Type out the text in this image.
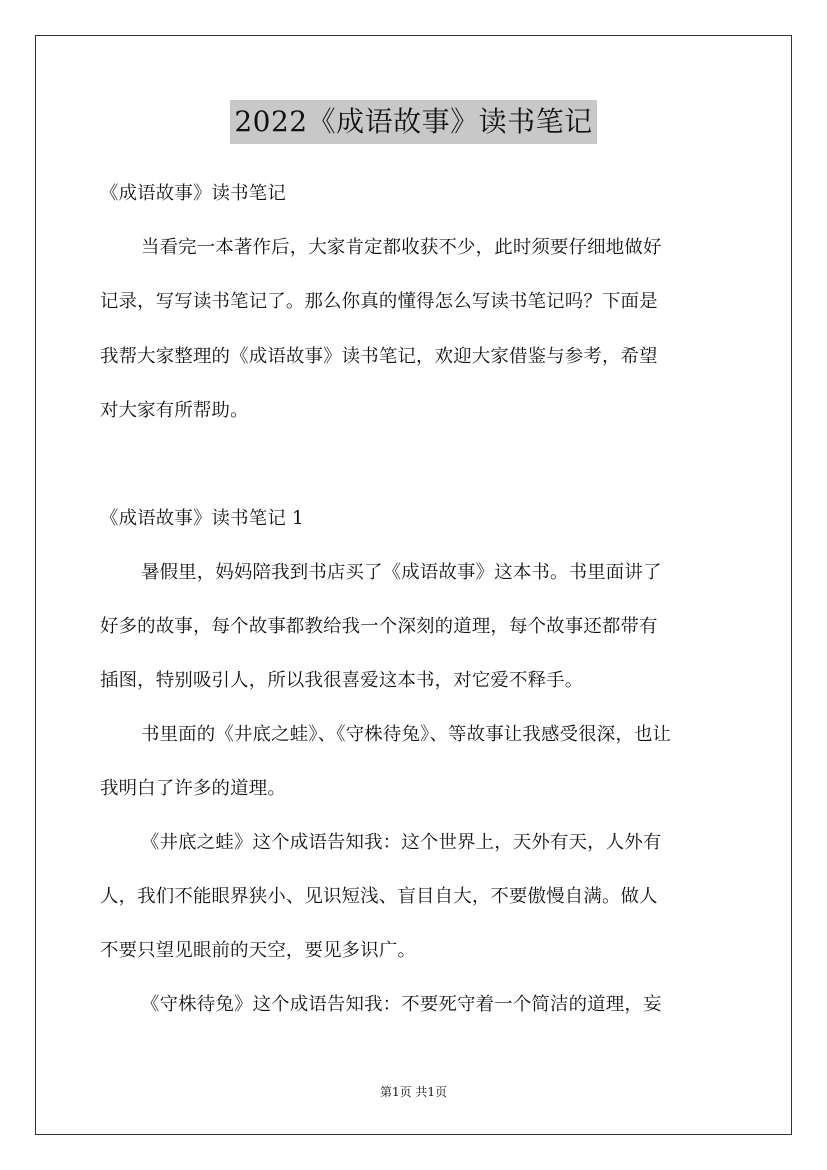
2022《成语故事》读书笔记
《成语故事》读书笔记
当看完一本著作后，大家肯定都收获不少，此时须要仔细地做好
记录，写写读书笔记了。那么你真的懂得怎么写读书笔记吗？下面是
我帮大家整理的《成语故事》读书笔记，欢迎大家借鉴与参考，希望
对大家有所帮助。
《成语故事》读书笔记 1
暑假里，妈妈陪我到书店买了《成语故事》这本书。书里面讲了
好多的故事，每个故事都教给我一个深刻的道理，每个故事还都带有
插图，特别吸引人，所以我很喜爱这本书，对它爱不释手。
书里面的《井底之蛙》、《守株待兔》、等故事让我感受很深，也让
我明白了许多的道理。
《井底之蛙》这个成语告知我：这个世界上，天外有天，人外有
人，我们不能眼界狭小、见识短浅、盲目自大，不要傲慢自满。做人
不要只望见眼前的天空，要见多识广。
《守株待兔》这个成语告知我：不要死守着一个简洁的道理，妄
第1页 共1页
